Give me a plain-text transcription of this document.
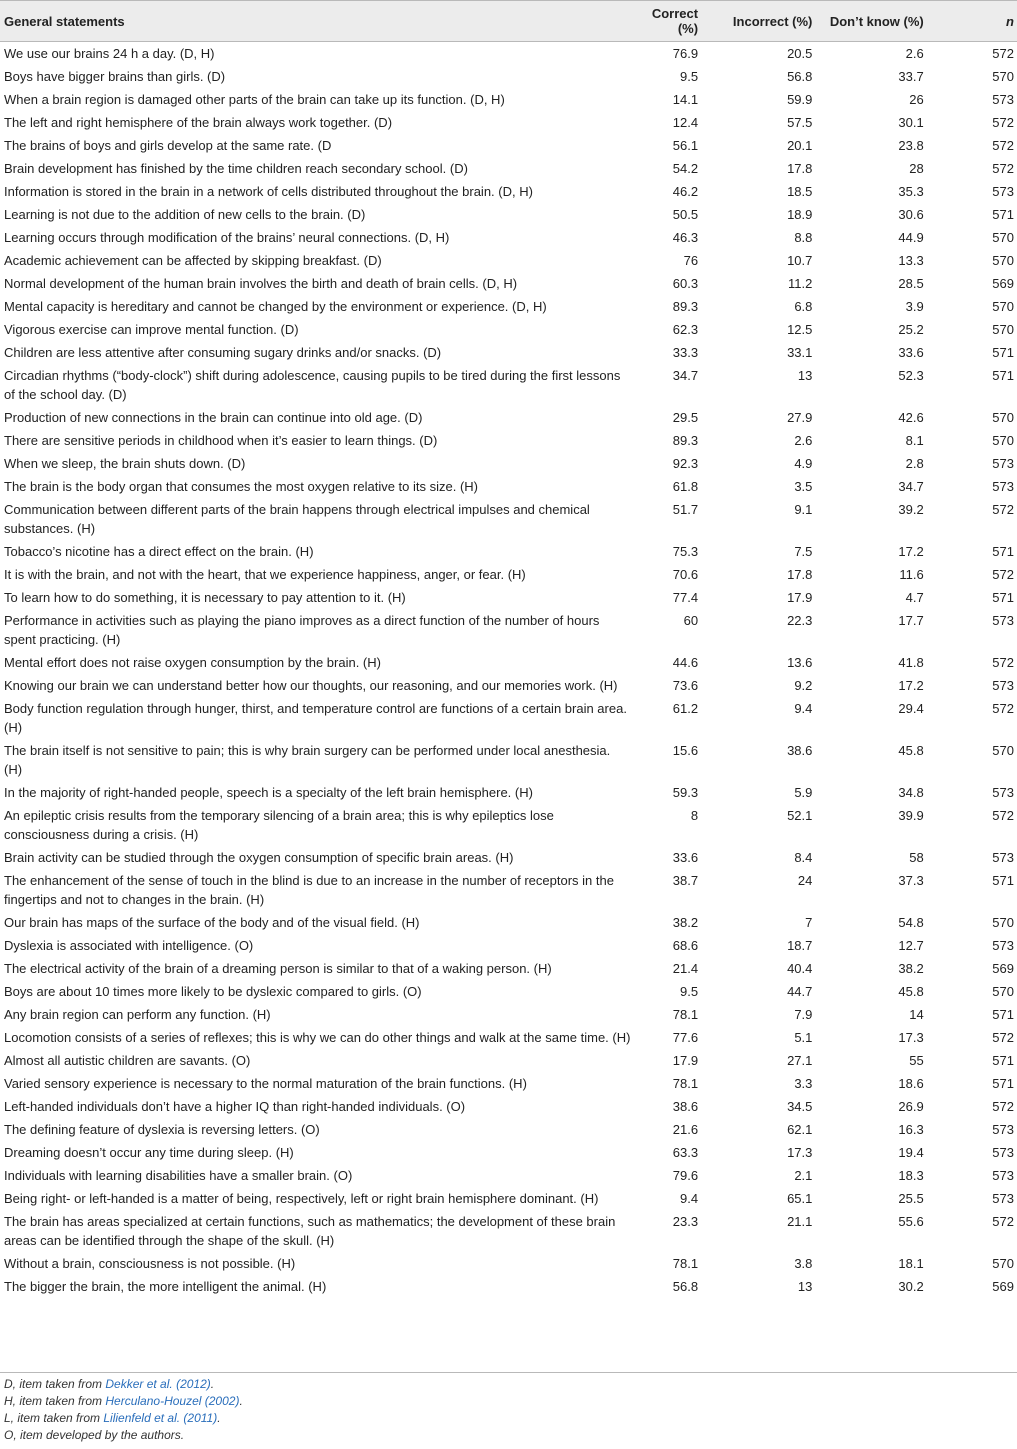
General statements	Correct (%)	Incorrect (%)	Don’t know (%)	n
We use our brains 24 h a day. (D, H)	76.9	20.5	2.6	572
Boys have bigger brains than girls. (D)	9.5	56.8	33.7	570
When a brain region is damaged other parts of the brain can take up its function. (D, H)	14.1	59.9	26	573
The left and right hemisphere of the brain always work together. (D)	12.4	57.5	30.1	572
The brains of boys and girls develop at the same rate. (D	56.1	20.1	23.8	572
Brain development has finished by the time children reach secondary school. (D)	54.2	17.8	28	572
Information is stored in the brain in a network of cells distributed throughout the brain. (D, H)	46.2	18.5	35.3	573
Learning is not due to the addition of new cells to the brain. (D)	50.5	18.9	30.6	571
Learning occurs through modification of the brains’ neural connections. (D, H)	46.3	8.8	44.9	570
Academic achievement can be affected by skipping breakfast. (D)	76	10.7	13.3	570
Normal development of the human brain involves the birth and death of brain cells. (D, H)	60.3	11.2	28.5	569
Mental capacity is hereditary and cannot be changed by the environment or experience. (D, H)	89.3	6.8	3.9	570
Vigorous exercise can improve mental function. (D)	62.3	12.5	25.2	570
Children are less attentive after consuming sugary drinks and/or snacks. (D)	33.3	33.1	33.6	571
Circadian rhythms (“body-clock”) shift during adolescence, causing pupils to be tired during the first lessons of the school day. (D)	34.7	13	52.3	571
Production of new connections in the brain can continue into old age. (D)	29.5	27.9	42.6	570
There are sensitive periods in childhood when it’s easier to learn things. (D)	89.3	2.6	8.1	570
When we sleep, the brain shuts down. (D)	92.3	4.9	2.8	573
The brain is the body organ that consumes the most oxygen relative to its size. (H)	61.8	3.5	34.7	573
Communication between different parts of the brain happens through electrical impulses and chemical substances. (H)	51.7	9.1	39.2	572
Tobacco’s nicotine has a direct effect on the brain. (H)	75.3	7.5	17.2	571
It is with the brain, and not with the heart, that we experience happiness, anger, or fear. (H)	70.6	17.8	11.6	572
To learn how to do something, it is necessary to pay attention to it. (H)	77.4	17.9	4.7	571
Performance in activities such as playing the piano improves as a direct function of the number of hours spent practicing. (H)	60	22.3	17.7	573
Mental effort does not raise oxygen consumption by the brain. (H)	44.6	13.6	41.8	572
Knowing our brain we can understand better how our thoughts, our reasoning, and our memories work. (H)	73.6	9.2	17.2	573
Body function regulation through hunger, thirst, and temperature control are functions of a certain brain area. (H)	61.2	9.4	29.4	572
The brain itself is not sensitive to pain; this is why brain surgery can be performed under local anesthesia. (H)	15.6	38.6	45.8	570
In the majority of right-handed people, speech is a specialty of the left brain hemisphere. (H)	59.3	5.9	34.8	573
An epileptic crisis results from the temporary silencing of a brain area; this is why epileptics lose consciousness during a crisis. (H)	8	52.1	39.9	572
Brain activity can be studied through the oxygen consumption of specific brain areas. (H)	33.6	8.4	58	573
The enhancement of the sense of touch in the blind is due to an increase in the number of receptors in the fingertips and not to changes in the brain. (H)	38.7	24	37.3	571
Our brain has maps of the surface of the body and of the visual field. (H)	38.2	7	54.8	570
Dyslexia is associated with intelligence. (O)	68.6	18.7	12.7	573
The electrical activity of the brain of a dreaming person is similar to that of a waking person. (H)	21.4	40.4	38.2	569
Boys are about 10 times more likely to be dyslexic compared to girls. (O)	9.5	44.7	45.8	570
Any brain region can perform any function. (H)	78.1	7.9	14	571
Locomotion consists of a series of reflexes; this is why we can do other things and walk at the same time. (H)	77.6	5.1	17.3	572
Almost all autistic children are savants. (O)	17.9	27.1	55	571
Varied sensory experience is necessary to the normal maturation of the brain functions. (H)	78.1	3.3	18.6	571
Left-handed individuals don’t have a higher IQ than right-handed individuals. (O)	38.6	34.5	26.9	572
The defining feature of dyslexia is reversing letters. (O)	21.6	62.1	16.3	573
Dreaming doesn’t occur any time during sleep. (H)	63.3	17.3	19.4	573
Individuals with learning disabilities have a smaller brain. (O)	79.6	2.1	18.3	573
Being right- or left-handed is a matter of being, respectively, left or right brain hemisphere dominant. (H)	9.4	65.1	25.5	573
The brain has areas specialized at certain functions, such as mathematics; the development of these brain areas can be identified through the shape of the skull. (H)	23.3	21.1	55.6	572
Without a brain, consciousness is not possible. (H)	78.1	3.8	18.1	570
The bigger the brain, the more intelligent the animal. (H)	56.8	13	30.2	569
D, item taken from Dekker et al. (2012).
H, item taken from Herculano-Houzel (2002).
L, item taken from Lilienfeld et al. (2011).
O, item developed by the authors.
